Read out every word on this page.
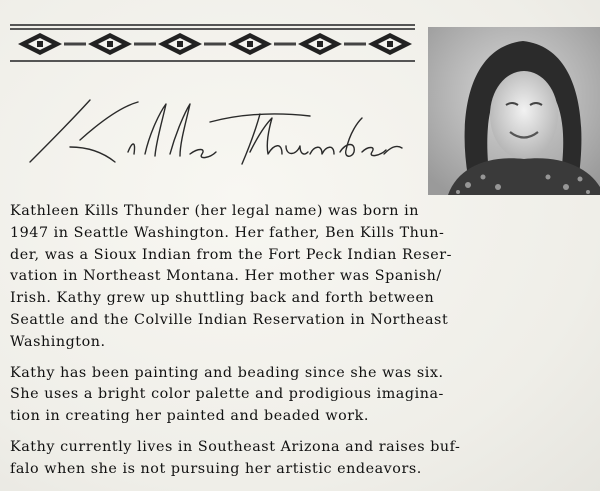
Kathleen Kills Thunder (her legal name) was born in
1947 in Seattle Washington. Her father, Ben Kills Thun-
der, was a Sioux Indian from the Fort Peck Indian Reser-
vation in Northeast Montana. Her mother was Spanish/
Irish. Kathy grew up shuttling back and forth between
Seattle and the Colville Indian Reservation in Northeast
Washington.

Kathy has been painting and beading since she was six.
She uses a bright color palette and prodigious imagina-
tion in creating her painted and beaded work.

Kathy currently lives in Southeast Arizona and raises buf-
falo when she is not pursuing her artistic endeavors.
